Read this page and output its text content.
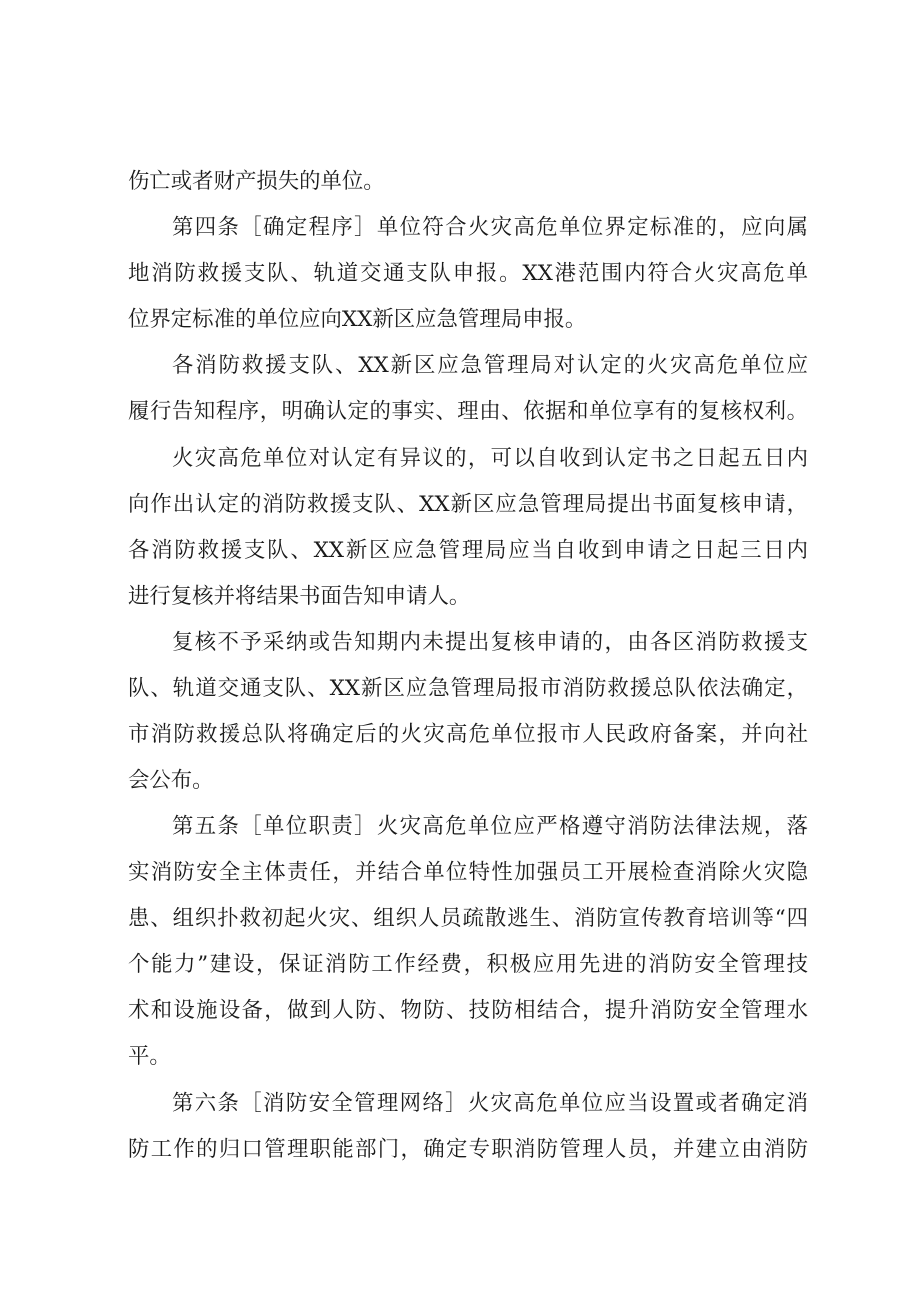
伤亡或者财产损失的单位。

第四条［确定程序］单位符合火灾高危单位界定标准的，应向属

地消防救援支队、轨道交通支队申报。XX港范围内符合火灾高危单

位界定标准的单位应向XX新区应急管理局申报。

各消防救援支队、XX新区应急管理局对认定的火灾高危单位应

履行告知程序，明确认定的事实、理由、依据和单位享有的复核权利。

火灾高危单位对认定有异议的，可以自收到认定书之日起五日内

向作出认定的消防救援支队、XX新区应急管理局提出书面复核申请，

各消防救援支队、XX新区应急管理局应当自收到申请之日起三日内

进行复核并将结果书面告知申请人。

复核不予采纳或告知期内未提出复核申请的，由各区消防救援支

队、轨道交通支队、XX新区应急管理局报市消防救援总队依法确定，

市消防救援总队将确定后的火灾高危单位报市人民政府备案，并向社

会公布。

第五条［单位职责］火灾高危单位应严格遵守消防法律法规，落

实消防安全主体责任，并结合单位特性加强员工开展检查消除火灾隐

患、组织扑救初起火灾、组织人员疏散逃生、消防宣传教育培训等“四

个能力”建设，保证消防工作经费，积极应用先进的消防安全管理技

术和设施设备，做到人防、物防、技防相结合，提升消防安全管理水

平。

第六条［消防安全管理网络］火灾高危单位应当设置或者确定消

防工作的归口管理职能部门，确定专职消防管理人员，并建立由消防
